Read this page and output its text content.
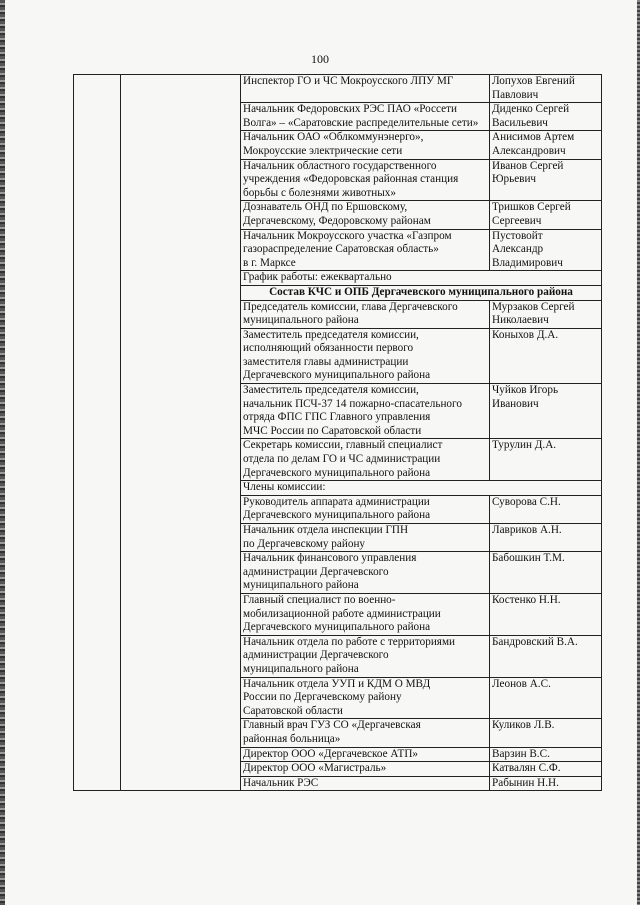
100
		Инспектор ГО и ЧС Мокроусского ЛПУ МГ	Лопухов Евгений
Павлович
		Начальник Федоровских РЭС ПАО «Россети
Волга» – «Саратовские распределительные сети»	Диденко Сергей
Васильевич
		Начальник ОАО «Облкоммунэнерго»,
Мокроусские электрические сети	Анисимов Артем
Александрович
		Начальник областного государственного
учреждения «Федоровская районная станция
борьбы с болезнями животных»	Иванов Сергей
Юрьевич
		Дознаватель ОНД по Ершовскому,
Дергачевскому, Федоровскому районам	Тришков Сергей
Сергеевич
		Начальник Мокроусского участка «Газпром
газораспределение Саратовская область»
в г. Марксе	Пустовойт
Александр
Владимирович
		График работы: ежеквартально	
		Состав КЧС и ОПБ Дергачевского муниципального района	
		Председатель комиссии, глава Дергачевского
муниципального района	Мурзаков Сергей
Николаевич
		Заместитель председателя комиссии,
исполняющий обязанности первого
заместителя главы администрации
Дергачевского муниципального района	Коныхов Д.А.
		Заместитель председателя комиссии,
начальник ПСЧ-37 14 пожарно-спасательного
отряда ФПС ГПС Главного управления
МЧС России по Саратовской области	Чуйков Игорь
Иванович
		Секретарь комиссии, главный специалист
отдела по делам ГО и ЧС администрации
Дергачевского муниципального района	Турулин Д.А.
		Члены комиссии:	
		Руководитель аппарата администрации
Дергачевского муниципального района	Суворова С.Н.
		Начальник отдела инспекции ГПН
по Дергачевскому району	Лавриков А.Н.
		Начальник финансового управления
администрации Дергачевского
муниципального района	Бабошкин Т.М.
		Главный специалист по военно-
мобилизационной работе администрации
Дергачевского муниципального района	Костенко Н.Н.
		Начальник отдела по работе с территориями
администрации Дергачевского
муниципального района	Бандровский В.А.
		Начальник отдела УУП и КДМ О МВД
России по Дергачевскому району
Саратовской области	Леонов А.С.
		Главный врач ГУЗ СО «Дергачевская
районная больница»	Куликов Л.В.
		Директор ООО «Дергачевское АТП»	Варзин В.С.
		Директор ООО «Магистраль»	Катвалян С.Ф.
		Начальник РЭС	Рабынин Н.Н.
